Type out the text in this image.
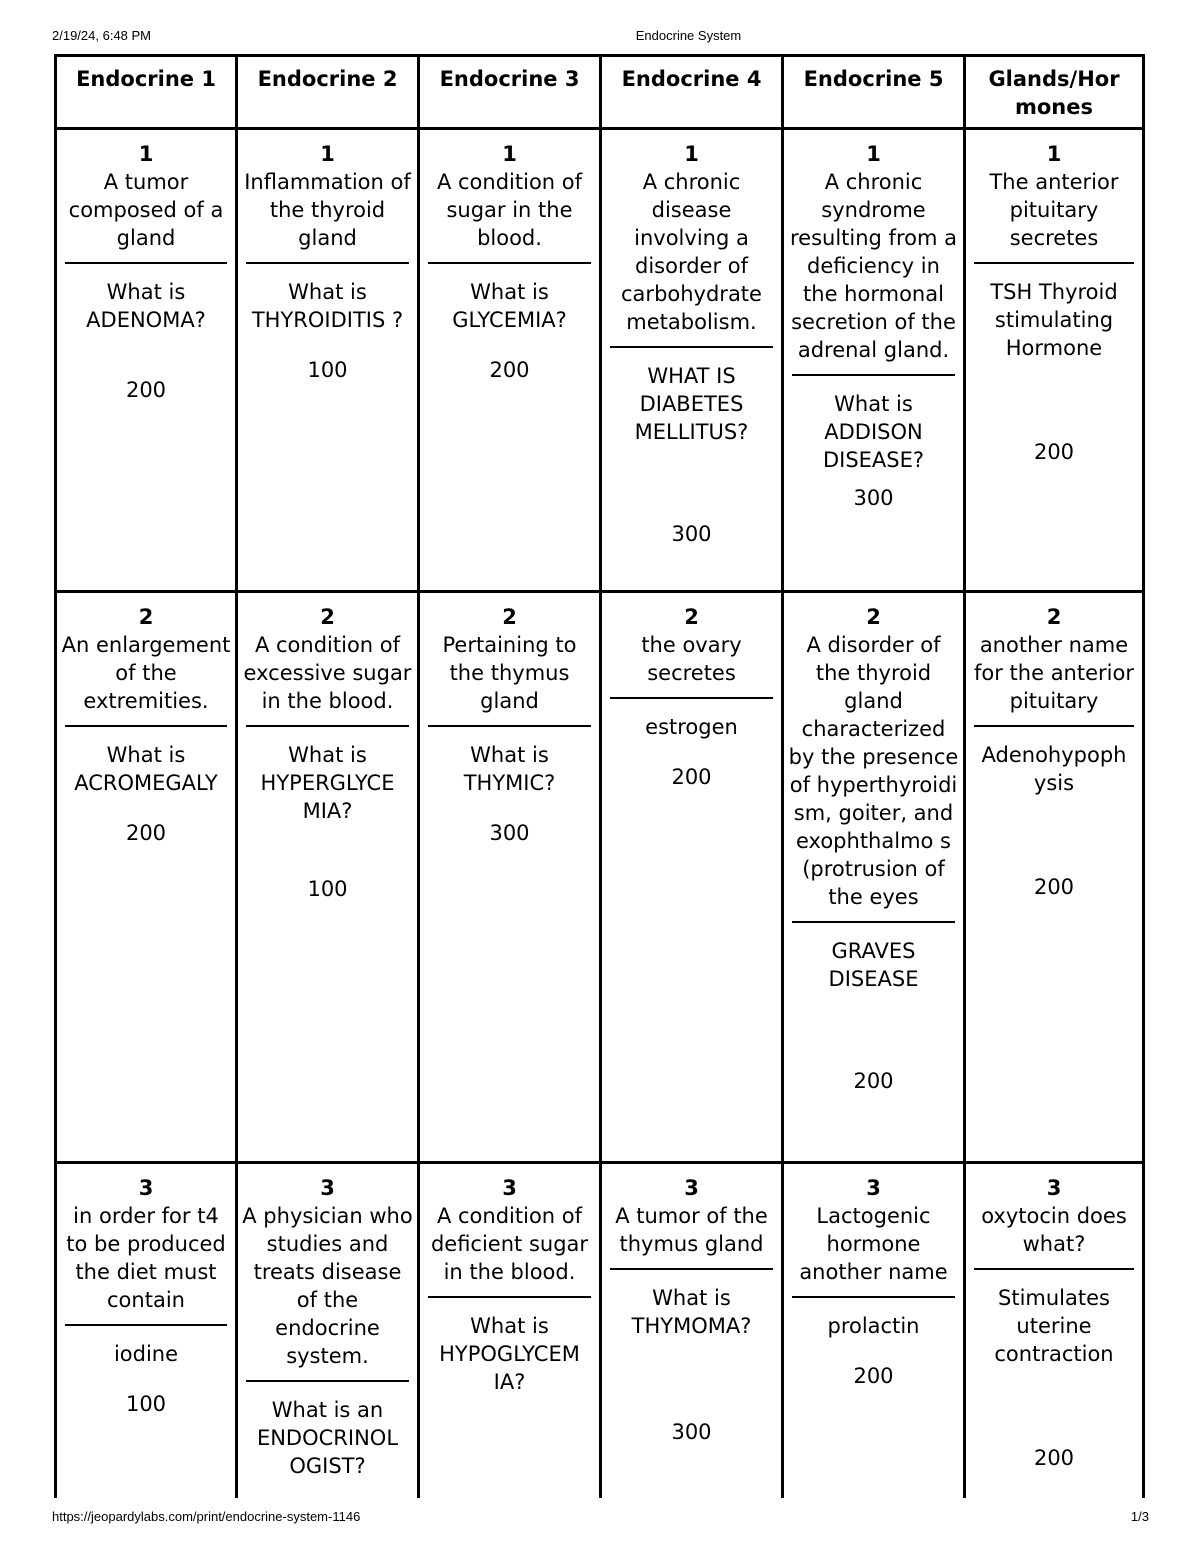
2/19/24, 6:48 PM	Endocrine System
Endocrine 1
1
A tumor composed of a gland
What is ADENOMA?
200
2
An enlargement of the extremities.
What is ACROMEGALY
200
3
in order for t4 to be produced the diet must contain
iodine
100
Endocrine 2
1
Inflammation of the thyroid gland
What is THYROIDITIS ?
100
2
A condition of excessive sugar in the blood.
What is HYPERGLYCE MIA?
100
3
A physician who studies and treats disease of the endocrine system.
What is an ENDOCRINOL OGIST?
Endocrine 3
1
A condition of sugar in the blood.
What is GLYCEMIA?
200
2
Pertaining to the thymus gland
What is THYMIC?
300
3
A condition of deficient sugar in the blood.
What is HYPOGLYCEM IA?
Endocrine 4
1
A chronic disease involving a disorder of carbohydrate metabolism.
WHAT IS DIABETES MELLITUS?
300
2
the ovary secretes
estrogen
200
3
A tumor of the thymus gland
What is THYMOMA?
300
Endocrine 5
1
A chronic syndrome resulting from a deficiency in the hormonal secretion of the adrenal gland.
What is ADDISON DISEASE?
300
2
A disorder of the thyroid gland characterized by the presence of hyperthyroidi sm, goiter, and exophthalmo s (protrusion of the eyes
GRAVES DISEASE
200
3
Lactogenic hormone another name
prolactin
200
Glands/Hor mones
1
The anterior pituitary secretes
TSH Thyroid stimulating Hormone
200
2
another name for the anterior pituitary
Adenohypoph ysis
200
3
oxytocin does what?
Stimulates uterine contraction
200
https://jeopardylabs.com/print/endocrine-system-1146	1/3
